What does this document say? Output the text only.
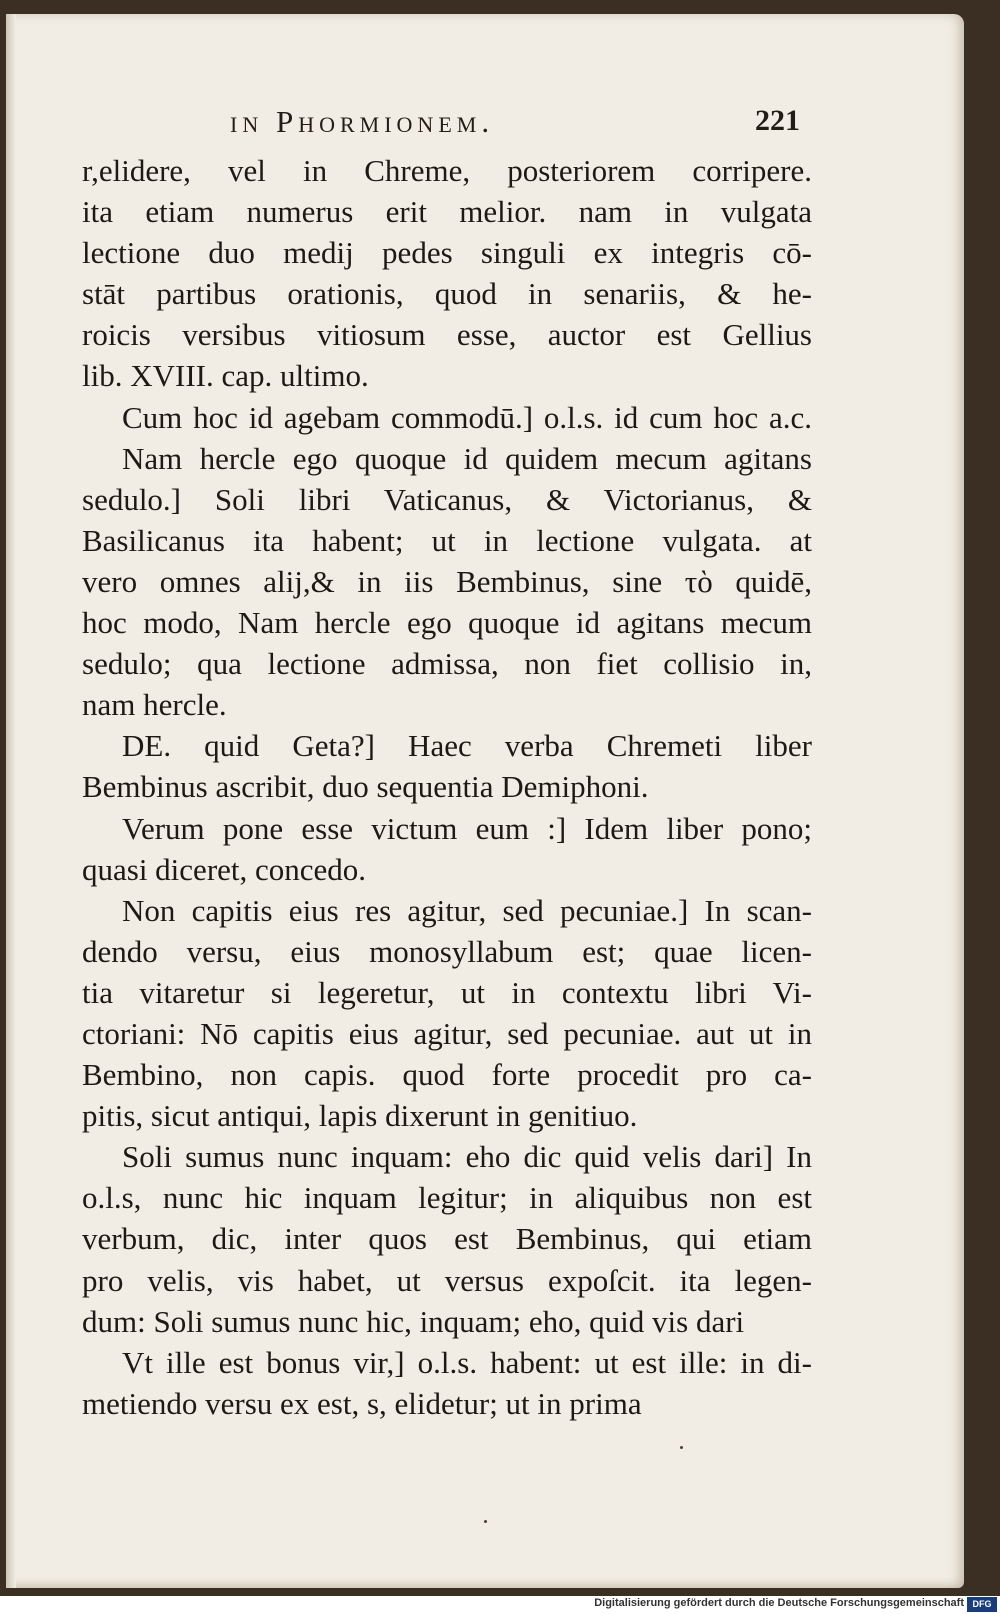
in Phormionem.	221
r,elidere, vel in Chreme, posteriorem corripere.
ita etiam numerus erit melior. nam in vulgata
lectione duo medij pedes singuli ex integris cō-
stāt partibus orationis, quod in senariis, & he-
roicis versibus vitiosum esse, auctor est Gellius
lib. XVIII. cap. ultimo.
Cum hoc id agebam commodū.] o.l.s. id cum hoc a.c.
Nam hercle ego quoque id quidem mecum agitans
sedulo.] Soli libri Vaticanus, & Victorianus, &
Basilicanus ita habent; ut in lectione vulgata. at
vero omnes alij,& in iis Bembinus, sine τὸ quidē,
hoc modo, Nam hercle ego quoque id agitans mecum
sedulo; qua lectione admissa, non fiet collisio in,
nam hercle.
DE. quid Geta?] Haec verba Chremeti liber
Bembinus ascribit, duo sequentia Demiphoni.
Verum pone esse victum eum :] Idem liber pono;
quasi diceret, concedo.
Non capitis eius res agitur, sed pecuniae.] In scan-
dendo versu, eius monosyllabum est; quae licen-
tia vitaretur si legeretur, ut in contextu libri Vi-
ctoriani: Nō capitis eius agitur, sed pecuniae. aut ut in
Bembino, non capis. quod forte procedit pro ca-
pitis, sicut antiqui, lapis dixerunt in genitiuo.
Soli sumus nunc inquam: eho dic quid velis dari] In
o.l.s, nunc hic inquam legitur; in aliquibus non est
verbum, dic, inter quos est Bembinus, qui etiam
pro velis, vis habet, ut versus expoſcit. ita legen-
dum: Soli sumus nunc hic, inquam; eho, quid vis dari
Vt ille est bonus vir,] o.l.s. habent: ut est ille: in di-
metiendo versu ex est, s, elidetur; ut in prima
Digitalisierung gefördert durch die Deutsche Forschungsgemeinschaft DFG
